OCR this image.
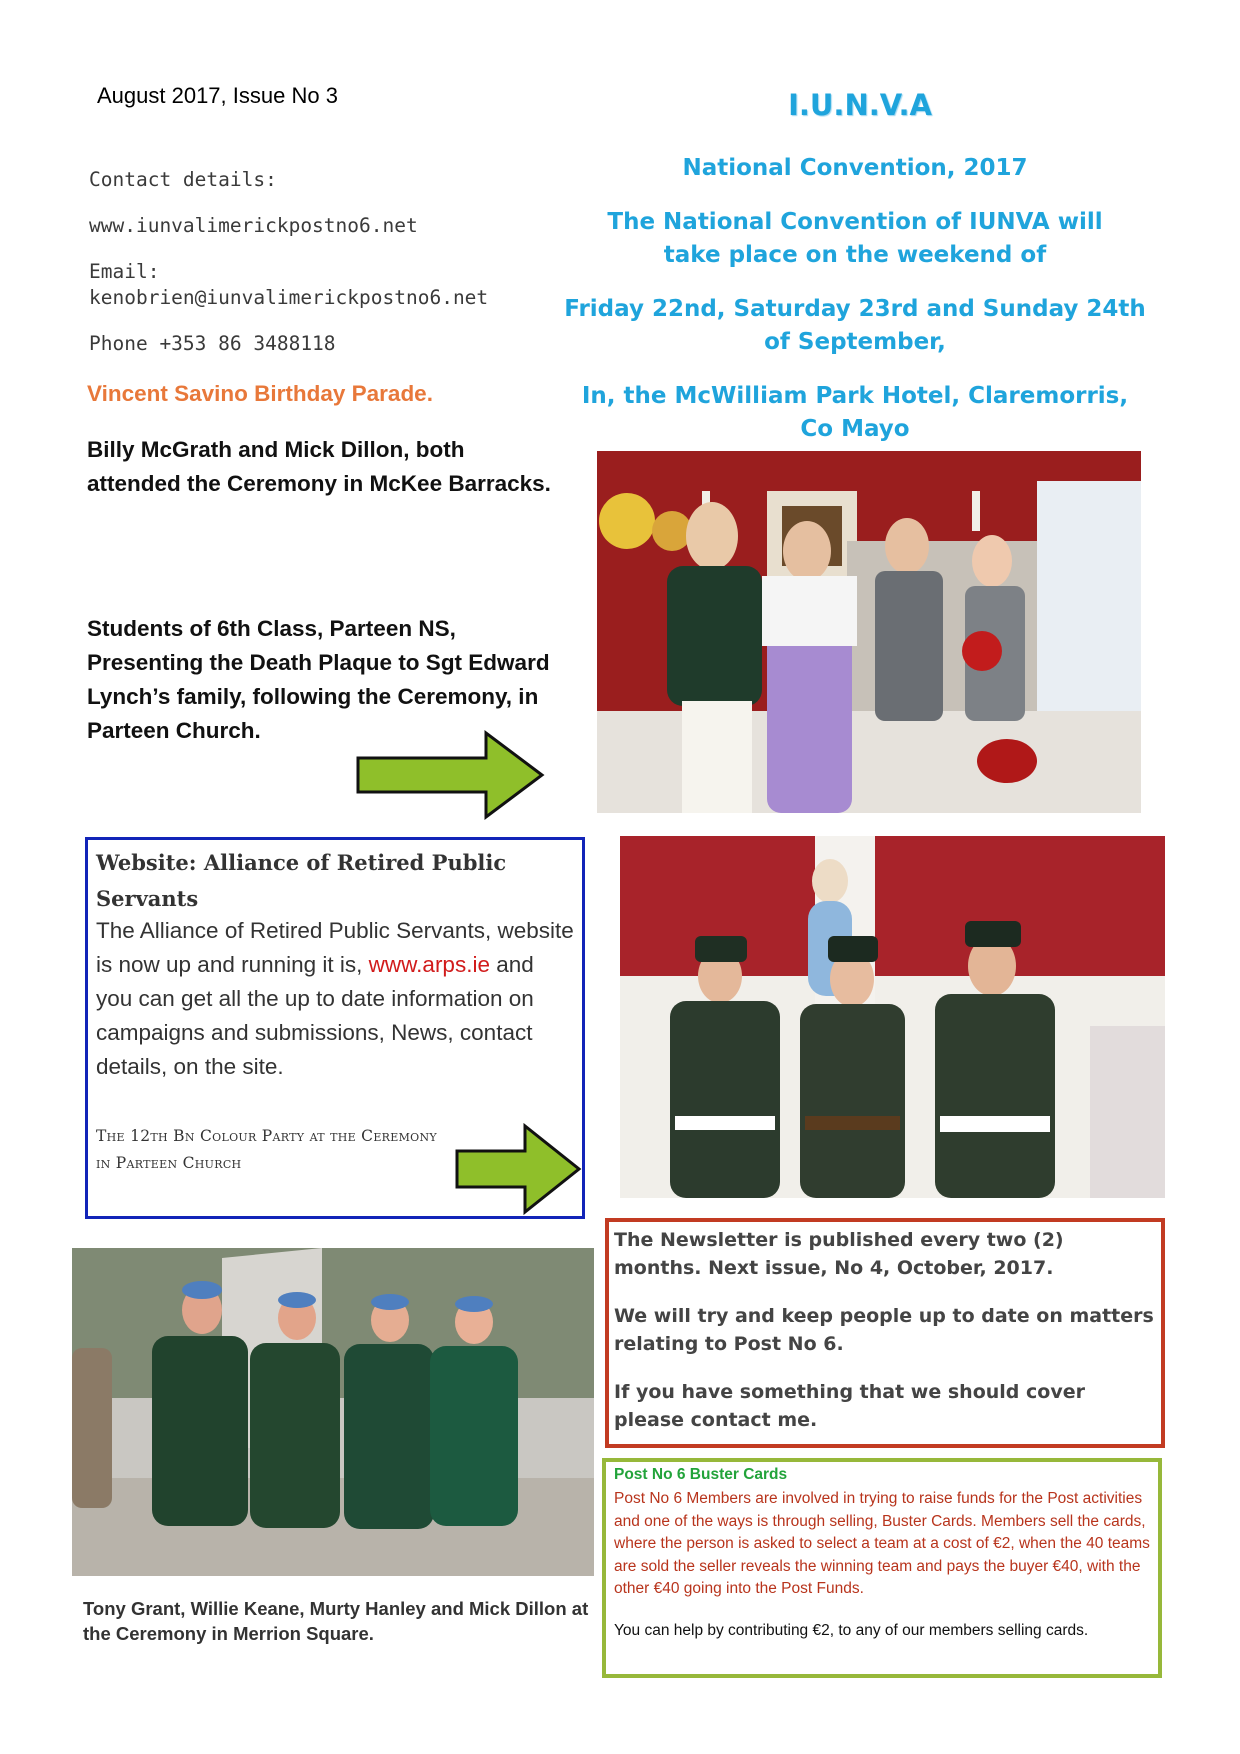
August 2017, Issue No 3	I.U.N.V.A

Contact details:

www.iunvalimerickpostno6.net

Email:
kenobrien@iunvalimerickpostno6.net

Phone +353 86 3488118

National Convention, 2017

The National Convention of IUNVA will take place on the weekend of

Friday 22nd, Saturday 23rd and Sunday 24th of September,

In, the McWilliam Park Hotel, Claremorris, Co Mayo

Vincent Savino Birthday Parade.
Billy McGrath and Mick Dillon, both attended the Ceremony in McKee Barracks.
Students of 6th Class, Parteen NS, Presenting the Death Plaque to Sgt Edward Lynch’s family, following the Ceremony, in Parteen Church.
Website: Alliance of Retired Public Servants
The Alliance of Retired Public Servants, website is now up and running it is, www.arps.ie and you can get all the up to date information on campaigns and submissions, News, contact details, on the site.
The 12th Bn Colour Party at the Ceremony in Parteen Church

The Newsletter is published every two (2) months. Next issue, No 4, October, 2017.

We will try and keep people up to date on matters relating to Post No 6.

If you have something that we should cover please contact me.

Post No 6 Buster Cards
Post No 6 Members are involved in trying to raise funds for the Post activities and one of the ways is through selling, Buster Cards. Members sell the cards, where the person is asked to select a team at a cost of €2, when the 40 teams are sold the seller reveals the winning team and pays the buyer €40, with the other €40 going into the Post Funds.
You can help by contributing €2, to any of our members selling cards.
Tony Grant, Willie Keane, Murty Hanley and Mick Dillon at the Ceremony in Merrion Square.
